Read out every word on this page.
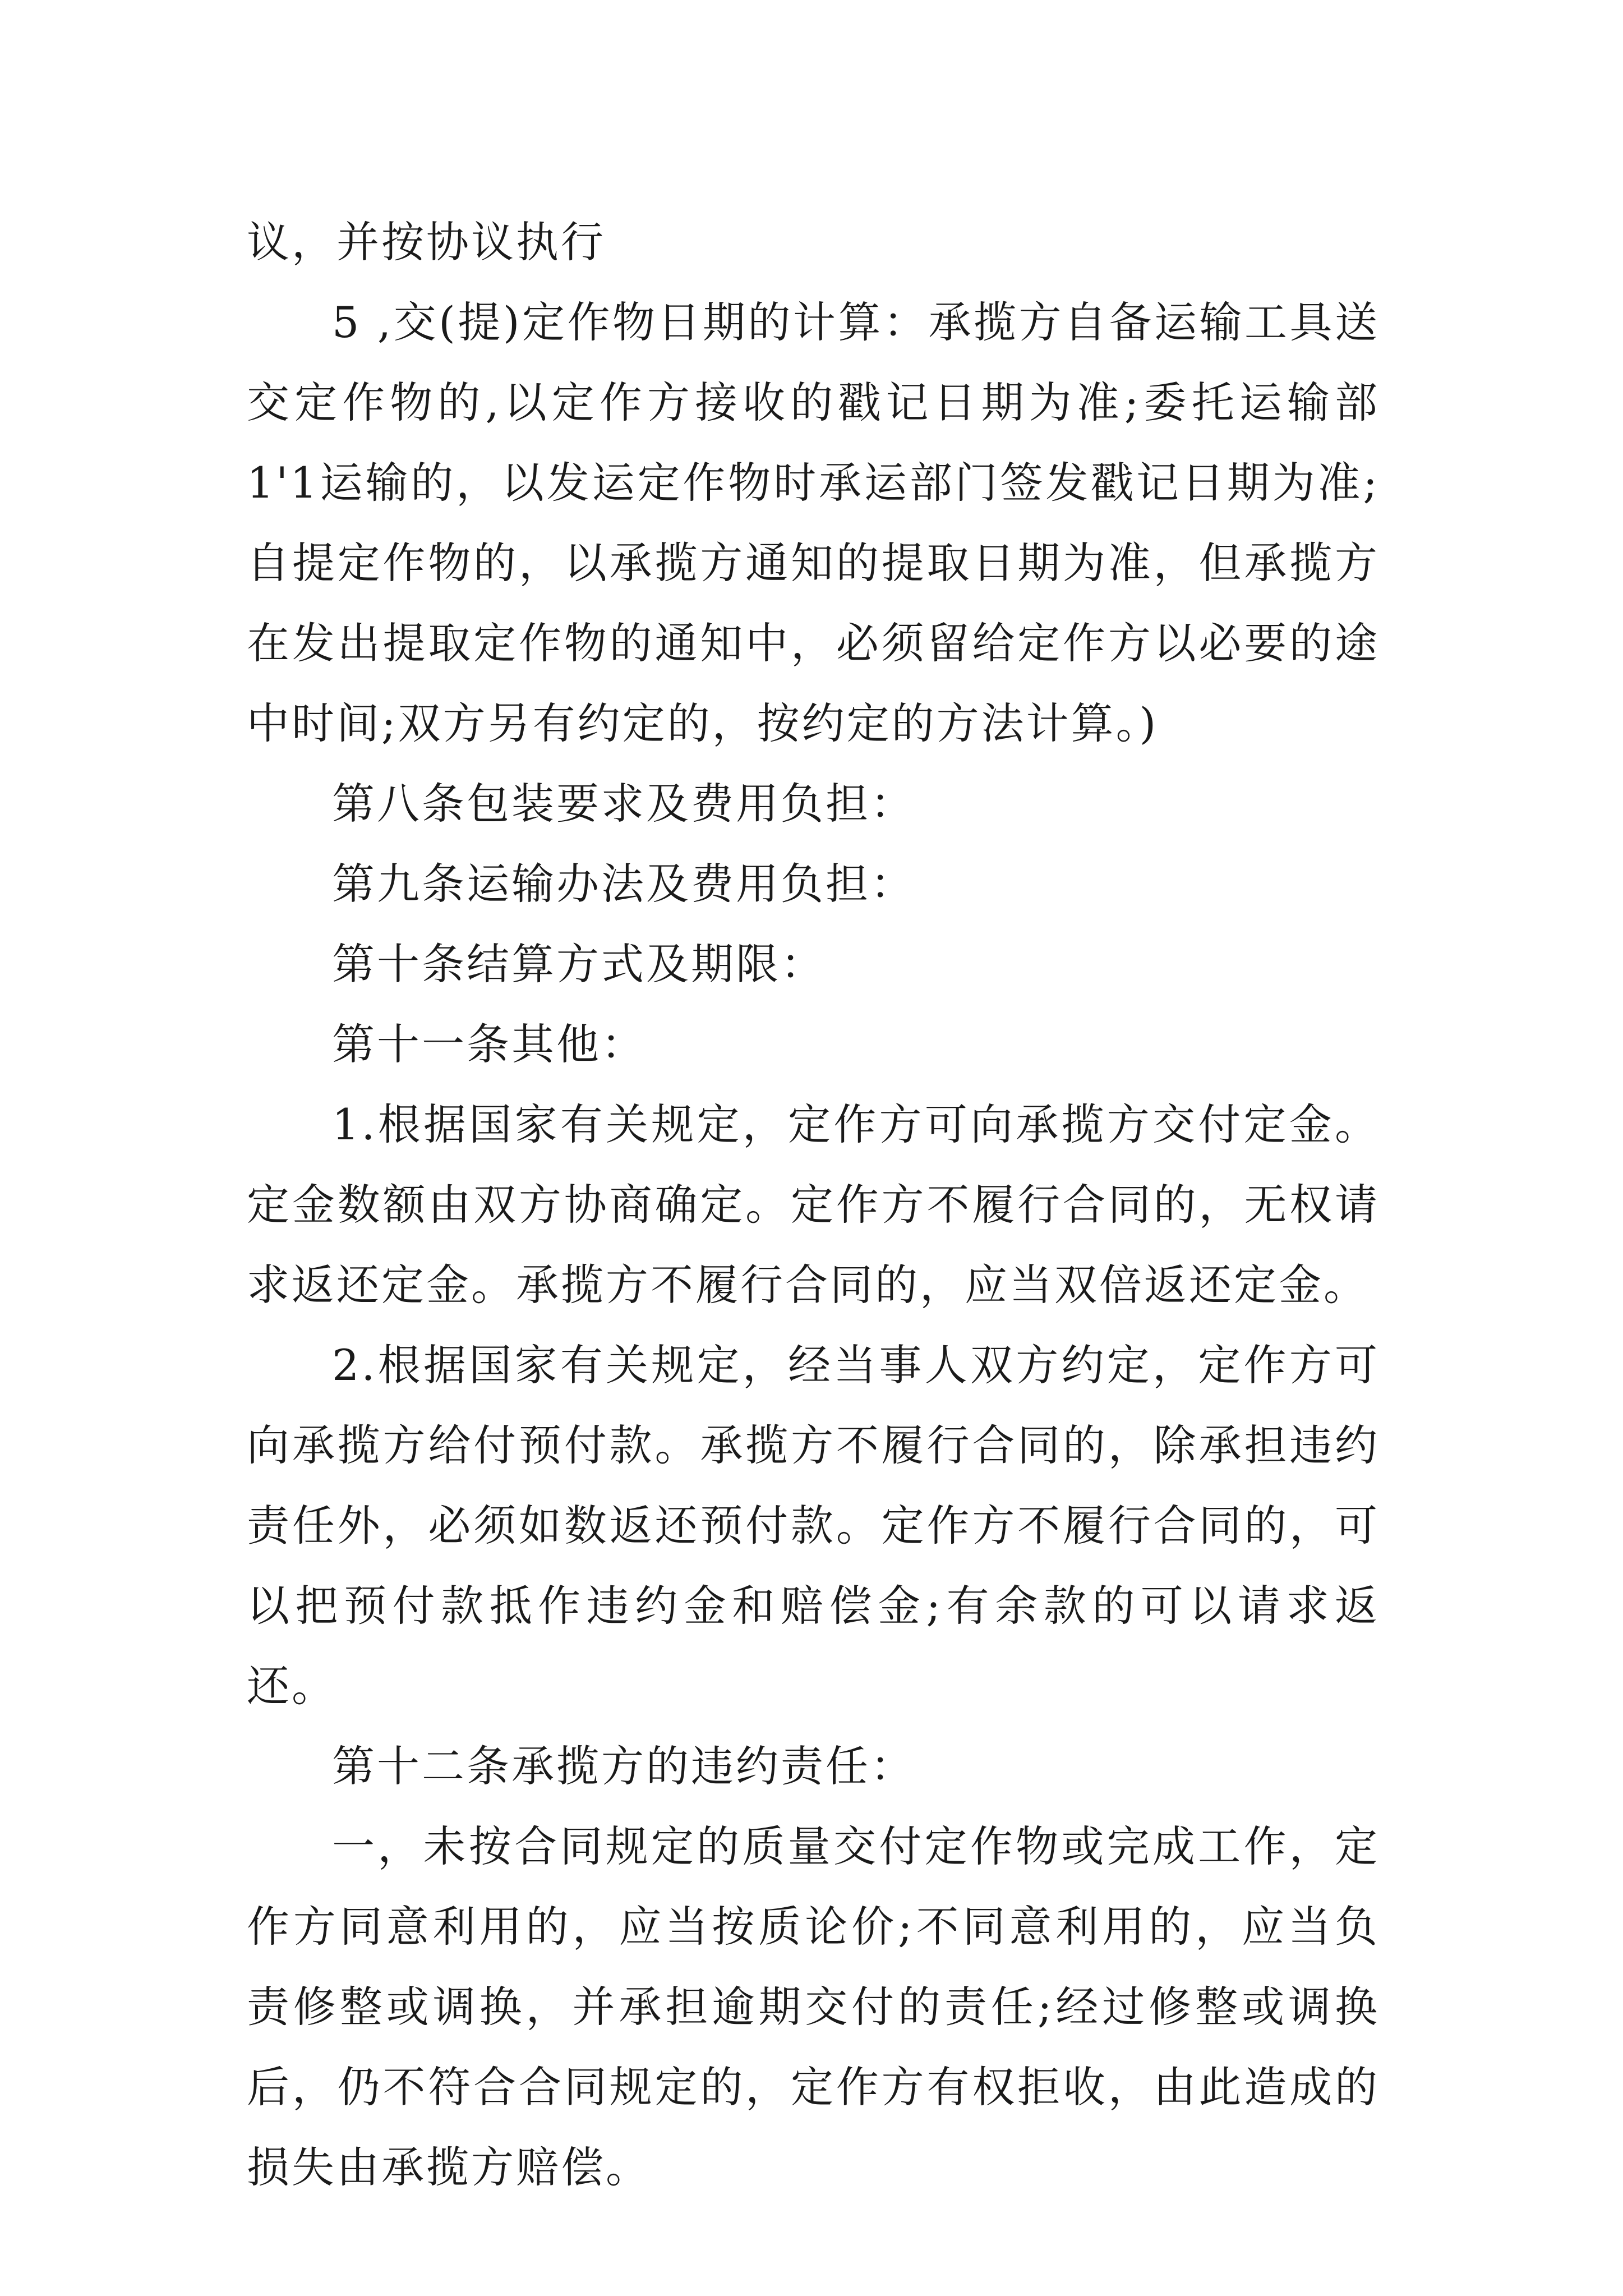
议，并按协议执行

5 ,交(提)定作物日期的计算：承揽方自备运输工具送交定作物的,以定作方接收的戳记日期为准;委托运输部1'1运输的，以发运定作物时承运部门签发戳记日期为准;自提定作物的，以承揽方通知的提取日期为准，但承揽方在发出提取定作物的通知中，必须留给定作方以必要的途中时间;双方另有约定的，按约定的方法计算。)

第八条包装要求及费用负担：

第九条运输办法及费用负担：

第十条结算方式及期限：

第十一条其他：

1.根据国家有关规定，定作方可向承揽方交付定金。定金数额由双方协商确定。定作方不履行合同的，无权请求返还定金。承揽方不履行合同的，应当双倍返还定金。

2.根据国家有关规定，经当事人双方约定，定作方可向承揽方给付预付款。承揽方不履行合同的，除承担违约责任外，必须如数返还预付款。定作方不履行合同的，可以把预付款抵作违约金和赔偿金;有余款的可以请求返还。

第十二条承揽方的违约责任：

一，未按合同规定的质量交付定作物或完成工作，定作方同意利用的，应当按质论价;不同意利用的，应当负责修整或调换，并承担逾期交付的责任;经过修整或调换后，仍不符合合同规定的，定作方有权拒收，由此造成的损失由承揽方赔偿。
